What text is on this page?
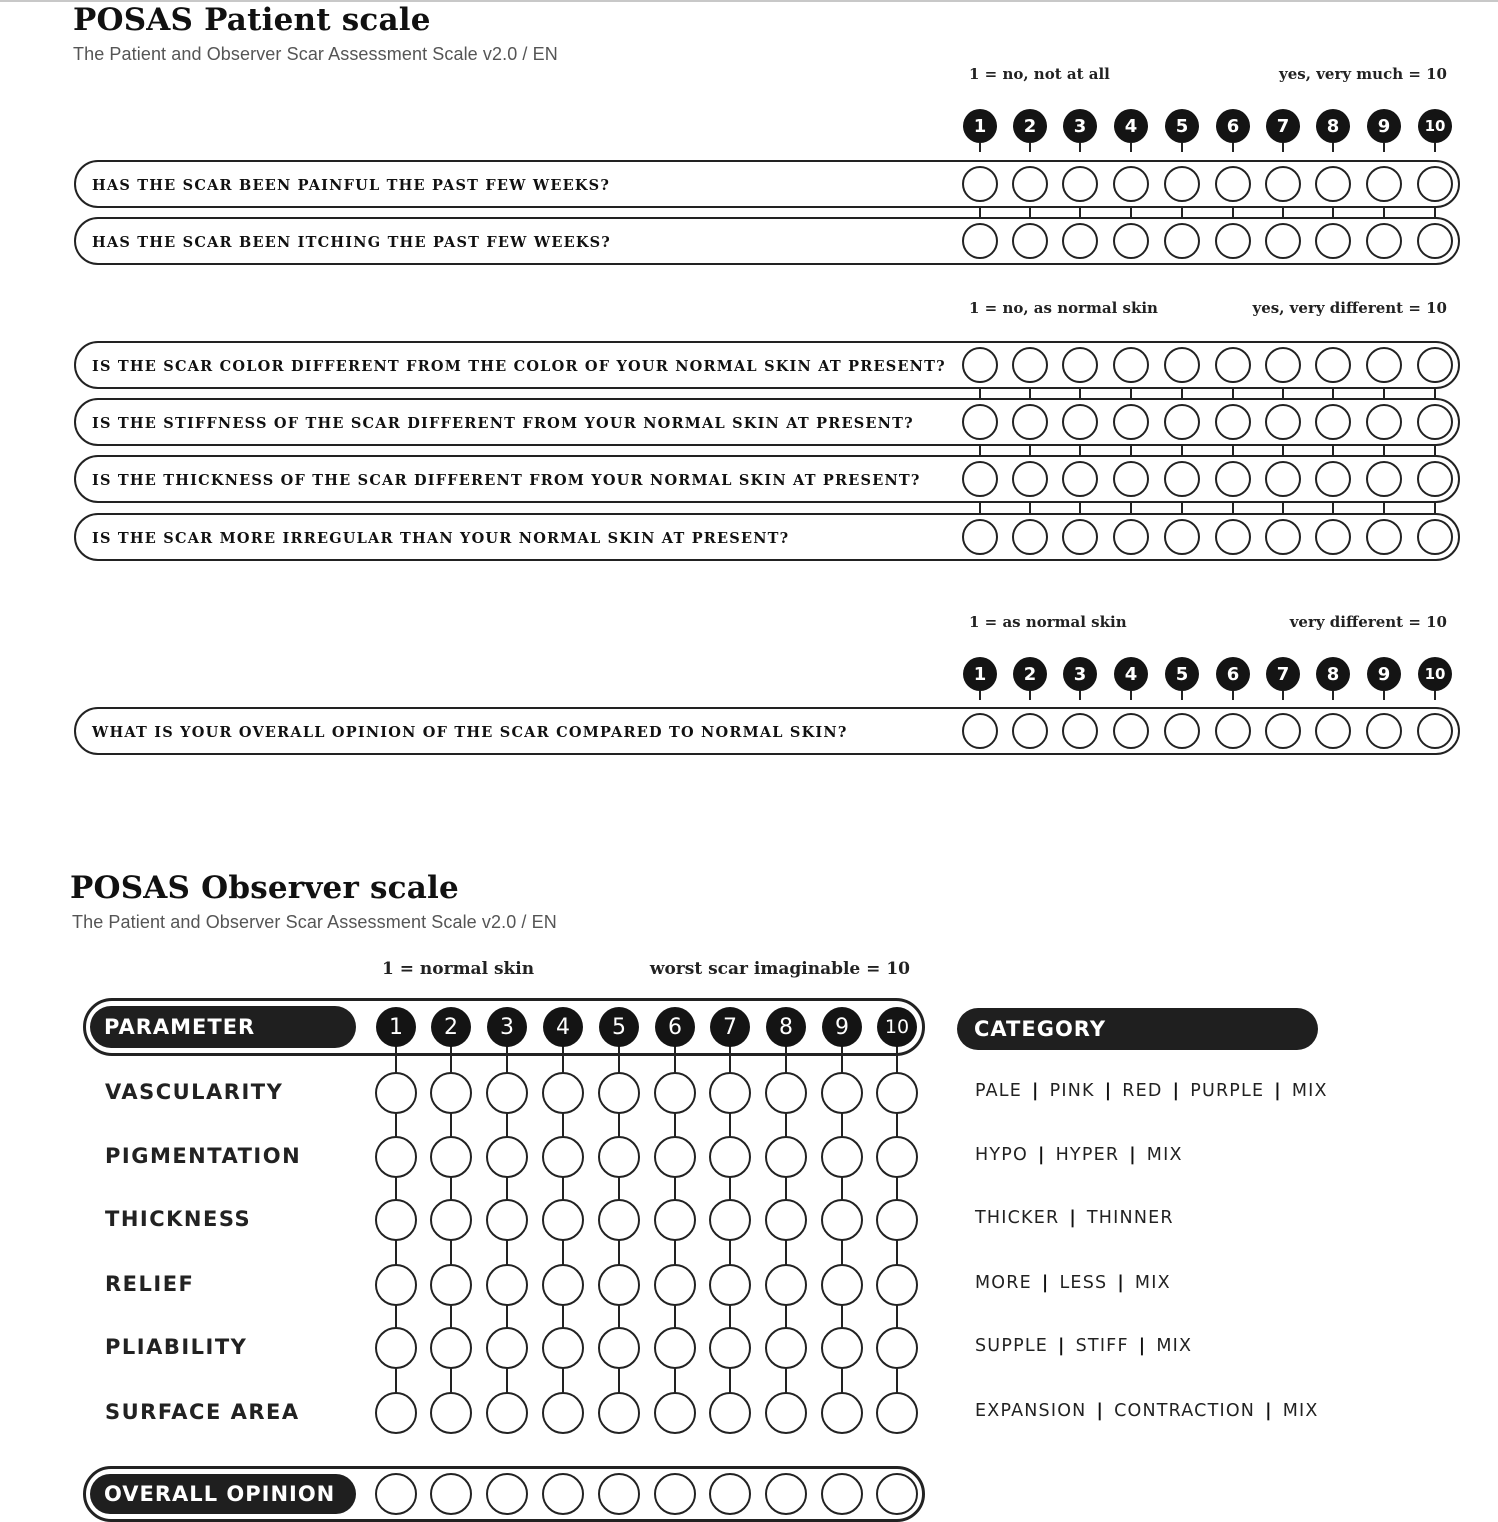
POSAS Patient scale
The Patient and Observer Scar Assessment Scale v2.0 / EN
1 = no, not at all	yes, very much = 10
1	2	3	4	5	6	7	8	9	10
HAS THE SCAR BEEN PAINFUL THE PAST FEW WEEKS?
HAS THE SCAR BEEN ITCHING THE PAST FEW WEEKS?
1 = no, as normal skin	yes, very different = 10
IS THE SCAR COLOR DIFFERENT FROM THE COLOR OF YOUR NORMAL SKIN AT PRESENT?
IS THE STIFFNESS OF THE SCAR DIFFERENT FROM YOUR NORMAL SKIN AT PRESENT?
IS THE THICKNESS OF THE SCAR DIFFERENT FROM YOUR NORMAL SKIN AT PRESENT?
IS THE SCAR MORE IRREGULAR THAN YOUR NORMAL SKIN AT PRESENT?
1 = as normal skin	very different = 10
1	2	3	4	5	6	7	8	9	10
WHAT IS YOUR OVERALL OPINION OF THE SCAR COMPARED TO NORMAL SKIN?
POSAS Observer scale
The Patient and Observer Scar Assessment Scale v2.0 / EN
1 = normal skin	worst scar imaginable = 10
PARAMETER	CATEGORY
OVERALL OPINION
1	2	3	4	5	6	7	8	9	10
VASCULARITY	PALE | PINK | RED | PURPLE | MIX
PIGMENTATION	HYPO | HYPER | MIX
THICKNESS	THICKER | THINNER
RELIEF	MORE | LESS | MIX
PLIABILITY	SUPPLE | STIFF | MIX
SURFACE AREA	EXPANSION | CONTRACTION | MIX
